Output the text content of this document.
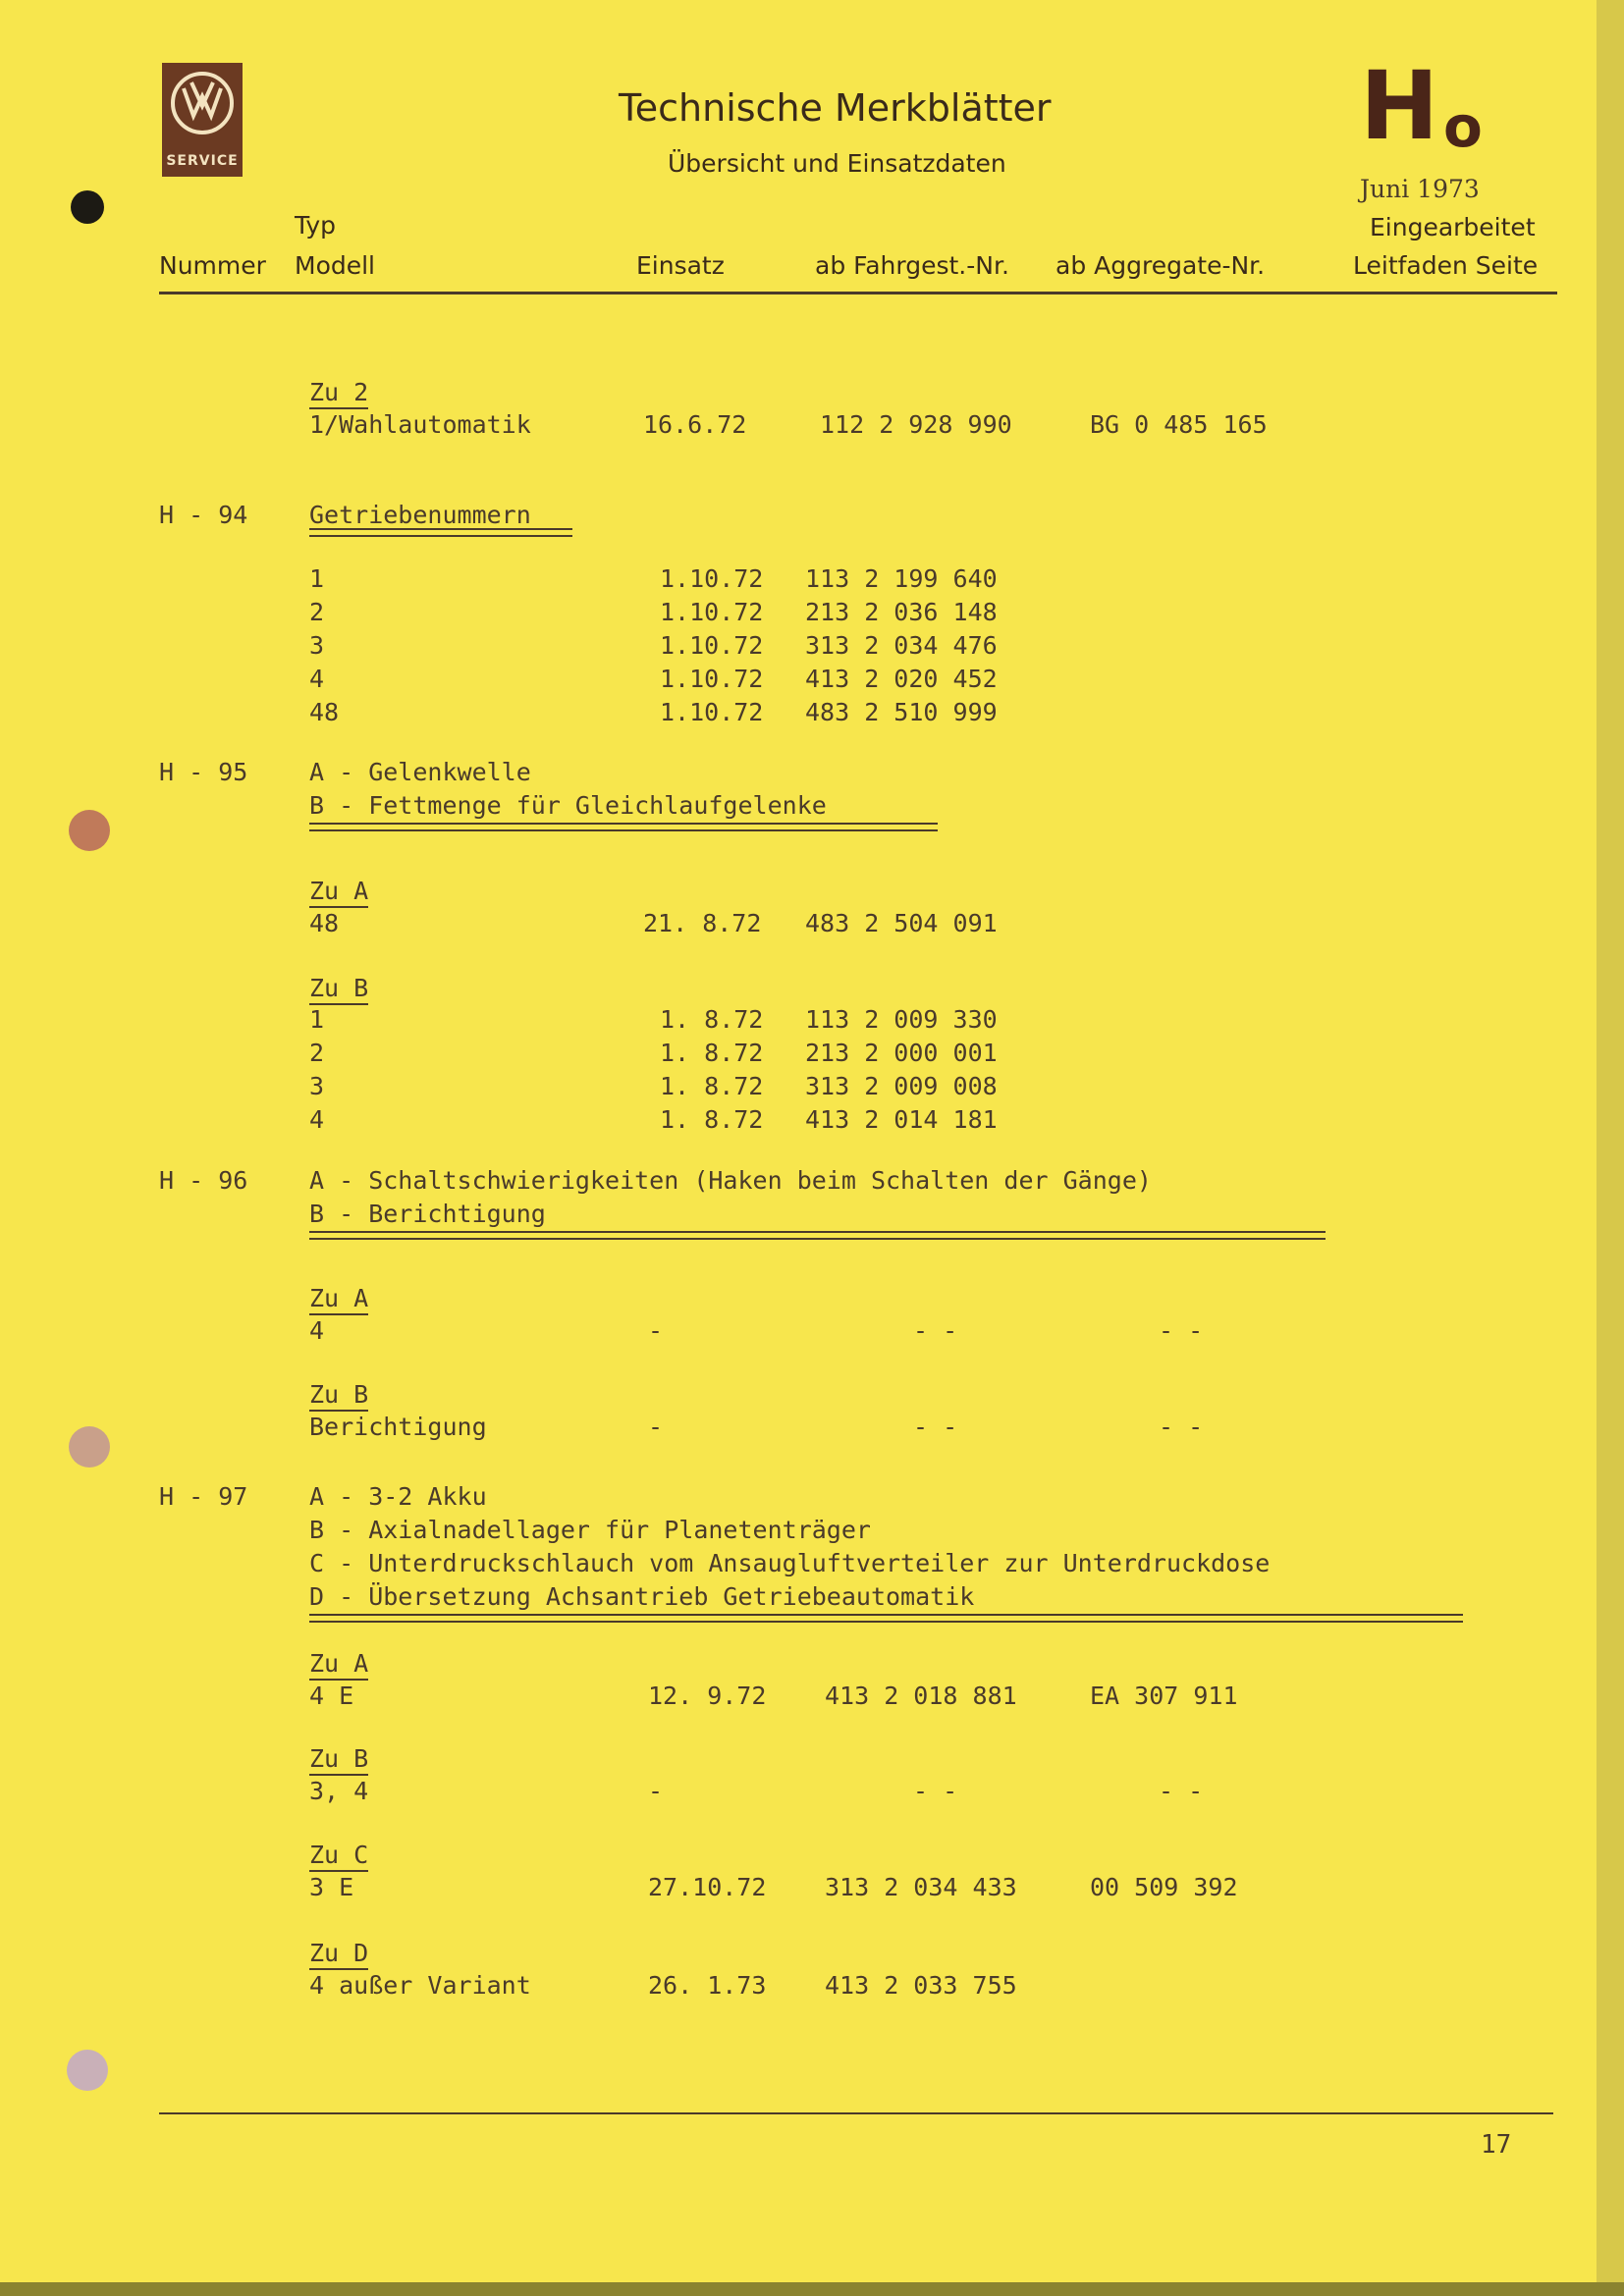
SERVICE
Technische Merkblätter
Übersicht und Einsatzdaten
H o
Juni 1973
Typ
Nummer Modell	Einsatz	ab Fahrgest.-Nr. ab Aggregate-Nr.
Eingearbeitet
Leitfaden Seite
Zu 2
1/Wahlautomatik	16.6.72	112 2 928 990	BG 0 485 165
H - 94	Getriebenummern
1	1.10.72 113 2 199 640
2	1.10.72 213 2 036 148
3	1.10.72 313 2 034 476
4	1.10.72 413 2 020 452
48	1.10.72 483 2 510 999
H - 95	A - Gelenkwelle
B - Fettmenge für Gleichlaufgelenke
Zu A
48	21. 8.72 483 2 504 091
Zu B
1	1. 8.72 113 2 009 330
2	1. 8.72 213 2 000 001
3	1. 8.72 313 2 009 008
4	1. 8.72 413 2 014 181
H - 96	A - Schaltschwierigkeiten (Haken beim Schalten der Gänge)
B - Berichtigung
Zu A
4	-	- -	- -
Zu B
Berichtigung	-	- -	- -
H - 97	A - 3-2 Akku
B - Axialnadellager für Planetenträger
C - Unterdruckschlauch vom Ansaugluftverteiler zur Unterdruckdose
D - Übersetzung Achsantrieb Getriebeautomatik
Zu A
4 E	12. 9.72 413 2 018 881	EA 307 911
Zu B
3, 4	-	- -	- -
Zu C
3 E	27.10.72 313 2 034 433	00 509 392
Zu D
4 außer Variant	26. 1.73 413 2 033 755
17
